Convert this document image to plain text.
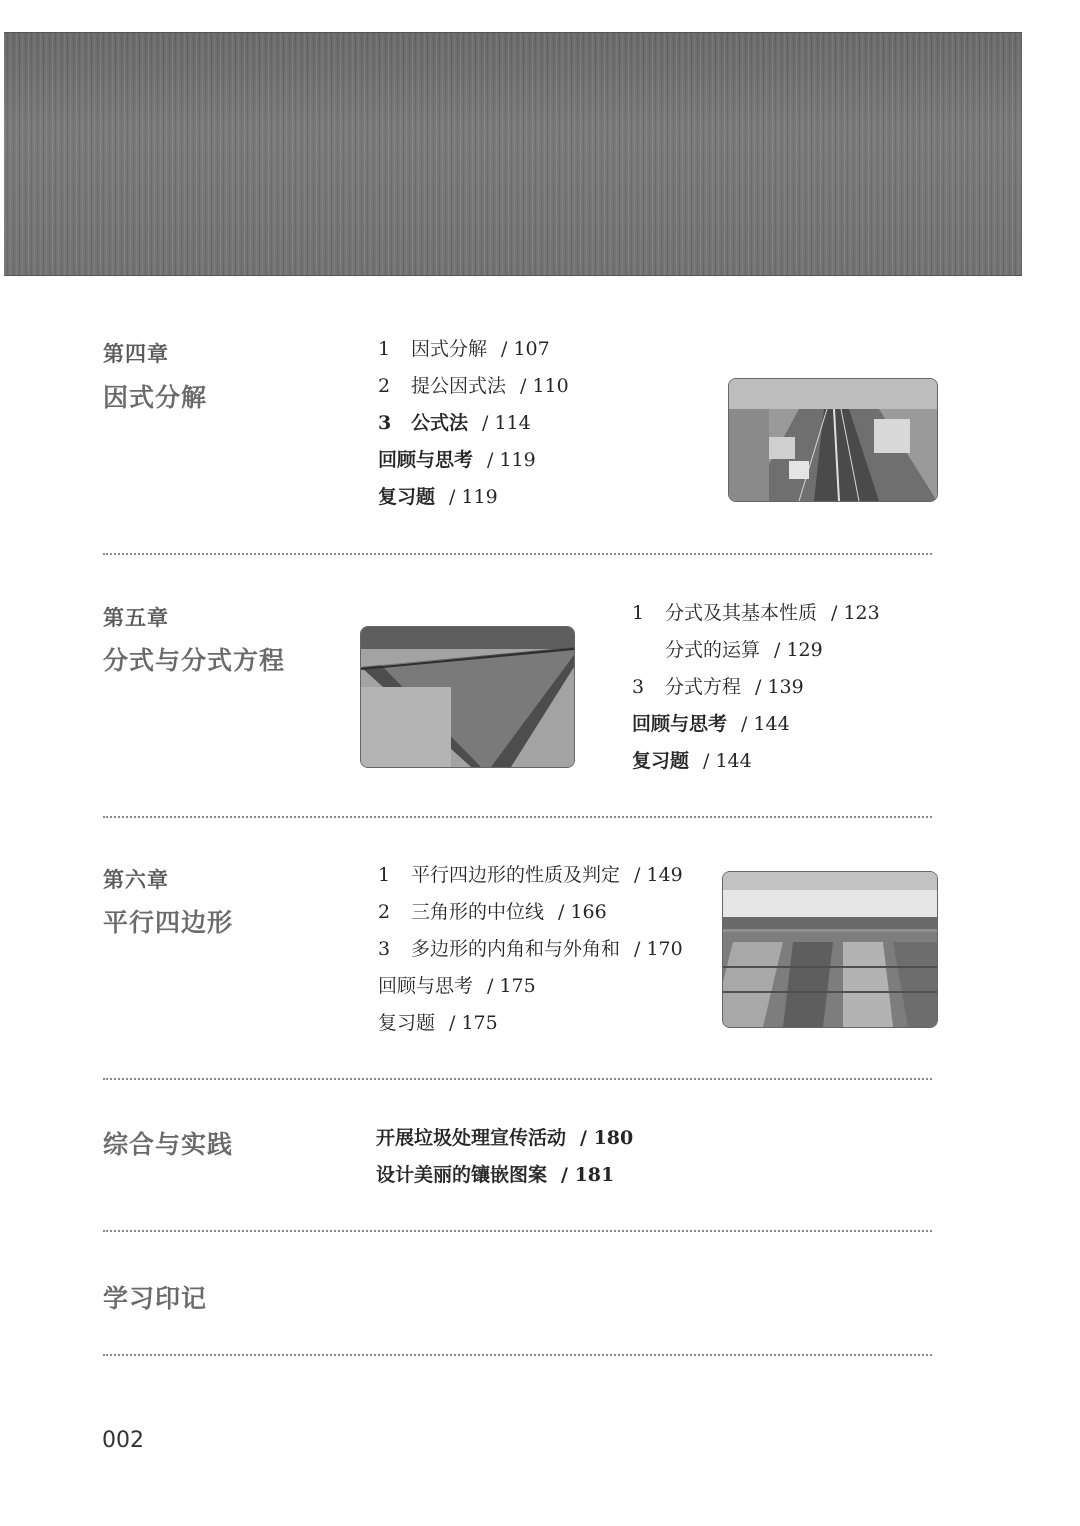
第四章
因式分解
1 因式分解 / 107
2 提公因式法 / 110
3 公式法 / 114
回顾与思考 / 119
复习题 / 119
第五章
分式与分式方程
1 分式及其基本性质 / 123
分式的运算 / 129
3 分式方程 / 139
回顾与思考 / 144
复习题 / 144
第六章
平行四边形
1 平行四边形的性质及判定 / 149
2 三角形的中位线 / 166
3 多边形的内角和与外角和 / 170
回顾与思考 / 175
复习题 / 175
综合与实践	开展垃圾处理宣传活动 / 180
设计美丽的镶嵌图案 / 181
学习印记
002
